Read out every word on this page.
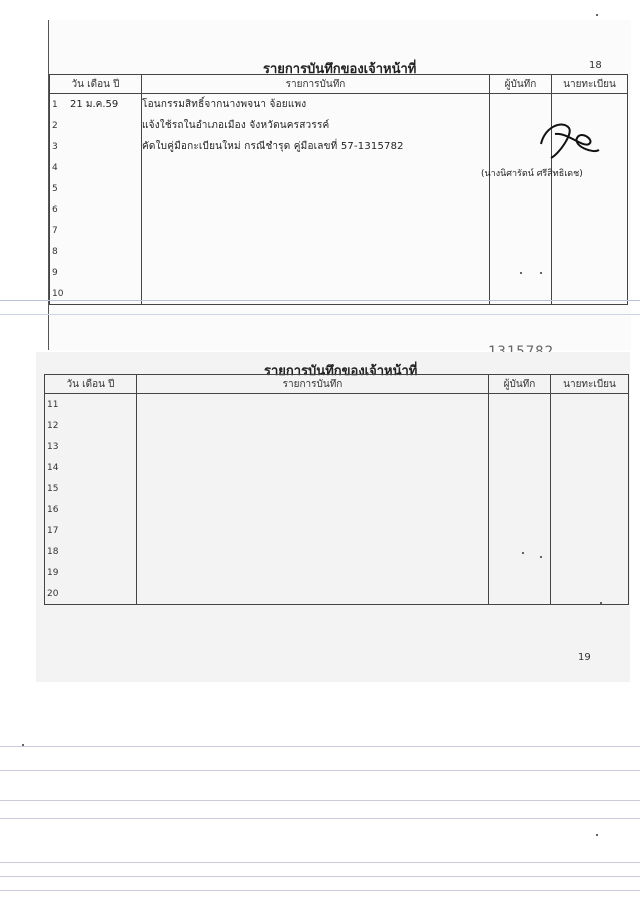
รายการบันทึกของเจ้าหน้าที่	18
วัน เดือน ปี	รายการบันทึก	ผู้บันทึก	นายทะเบียน
1 21 ม.ค.59	โอนกรรมสิทธิ์จากนางพจนา จ้อยแพง		
2	แจ้งใช้รถในอำเภอเมือง จังหวัดนครสวรรค์		
3	คัดใบคู่มือกะเบียนใหม่ กรณีชำรุด คู่มือเลขที่ 57-1315782		
4			
5			
6			
7			
8			
9			
10			
(นางนิศารัตน์ ศรีสิทธิเดช)
รายการบันทึกของเจ้าหน้าที่
วัน เดือน ปี	รายการบันทึก	ผู้บันทึก	นายทะเบียน
11			
12			
13			
14			
15			
16			
17			
18			
19			
20			
19
